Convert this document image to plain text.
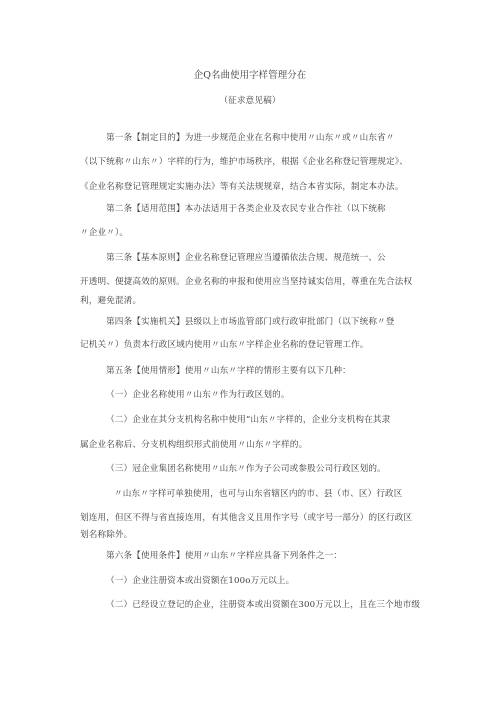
企Q名曲使用字样管理分在
（征求意见稿）
第一条【制定目的】为进一步规范企业在名称中使用〃山东〃或〃山东省〃
（以下统称〃山东〃）字样的行为，维护市场秩序，根据《企业名称登记管理规定》、
《企业名称登记管理规定实施办法》等有关法规规章，结合本省实际，制定本办法。
第二条【适用范围】本办法适用于各类企业及农民专业合作社（以下统称
〃企业〃）。
第三条【基本原则】企业名称登记管理应当遵循依法合规、规范统一、公
开透明、便捷高效的原则。企业名称的申报和使用应当坚持诚实信用，尊重在先合法权
利，避免混淆。
第四条【实施机关】县级以上市场监管部门或行政审批部门（以下统称〃登
记机关〃）负责本行政区域内使用〃山东〃字样企业名称的登记管理工作。
第五条【使用情形】使用〃山东〃字样的情形主要有以下几种：
（一）企业名称使用〃山东〃作为行政区划的。
（二）企业在其分支机构名称中使用“山东〃字样的，企业分支机构在其隶
属企业名称后、分支机构组织形式前使用〃山东〃字样的。
（三）冠企业集团名称使用〃山东〃作为子公司或参股公司行政区划的。
〃山东〃字样可单独使用，也可与山东省辖区内的市、县（市、区）行政区
划连用，但区不得与省直接连用，有其他含义且用作字号（或字号一部分）的区行政区
划名称除外。
第六条【使用条件】使用〃山东〃字样应具备下列条件之一：
（一）企业注册资本或出资额在100o万元以上。
（二）已经设立登记的企业，注册资本或出资额在300万元以上，且在三个地市级
